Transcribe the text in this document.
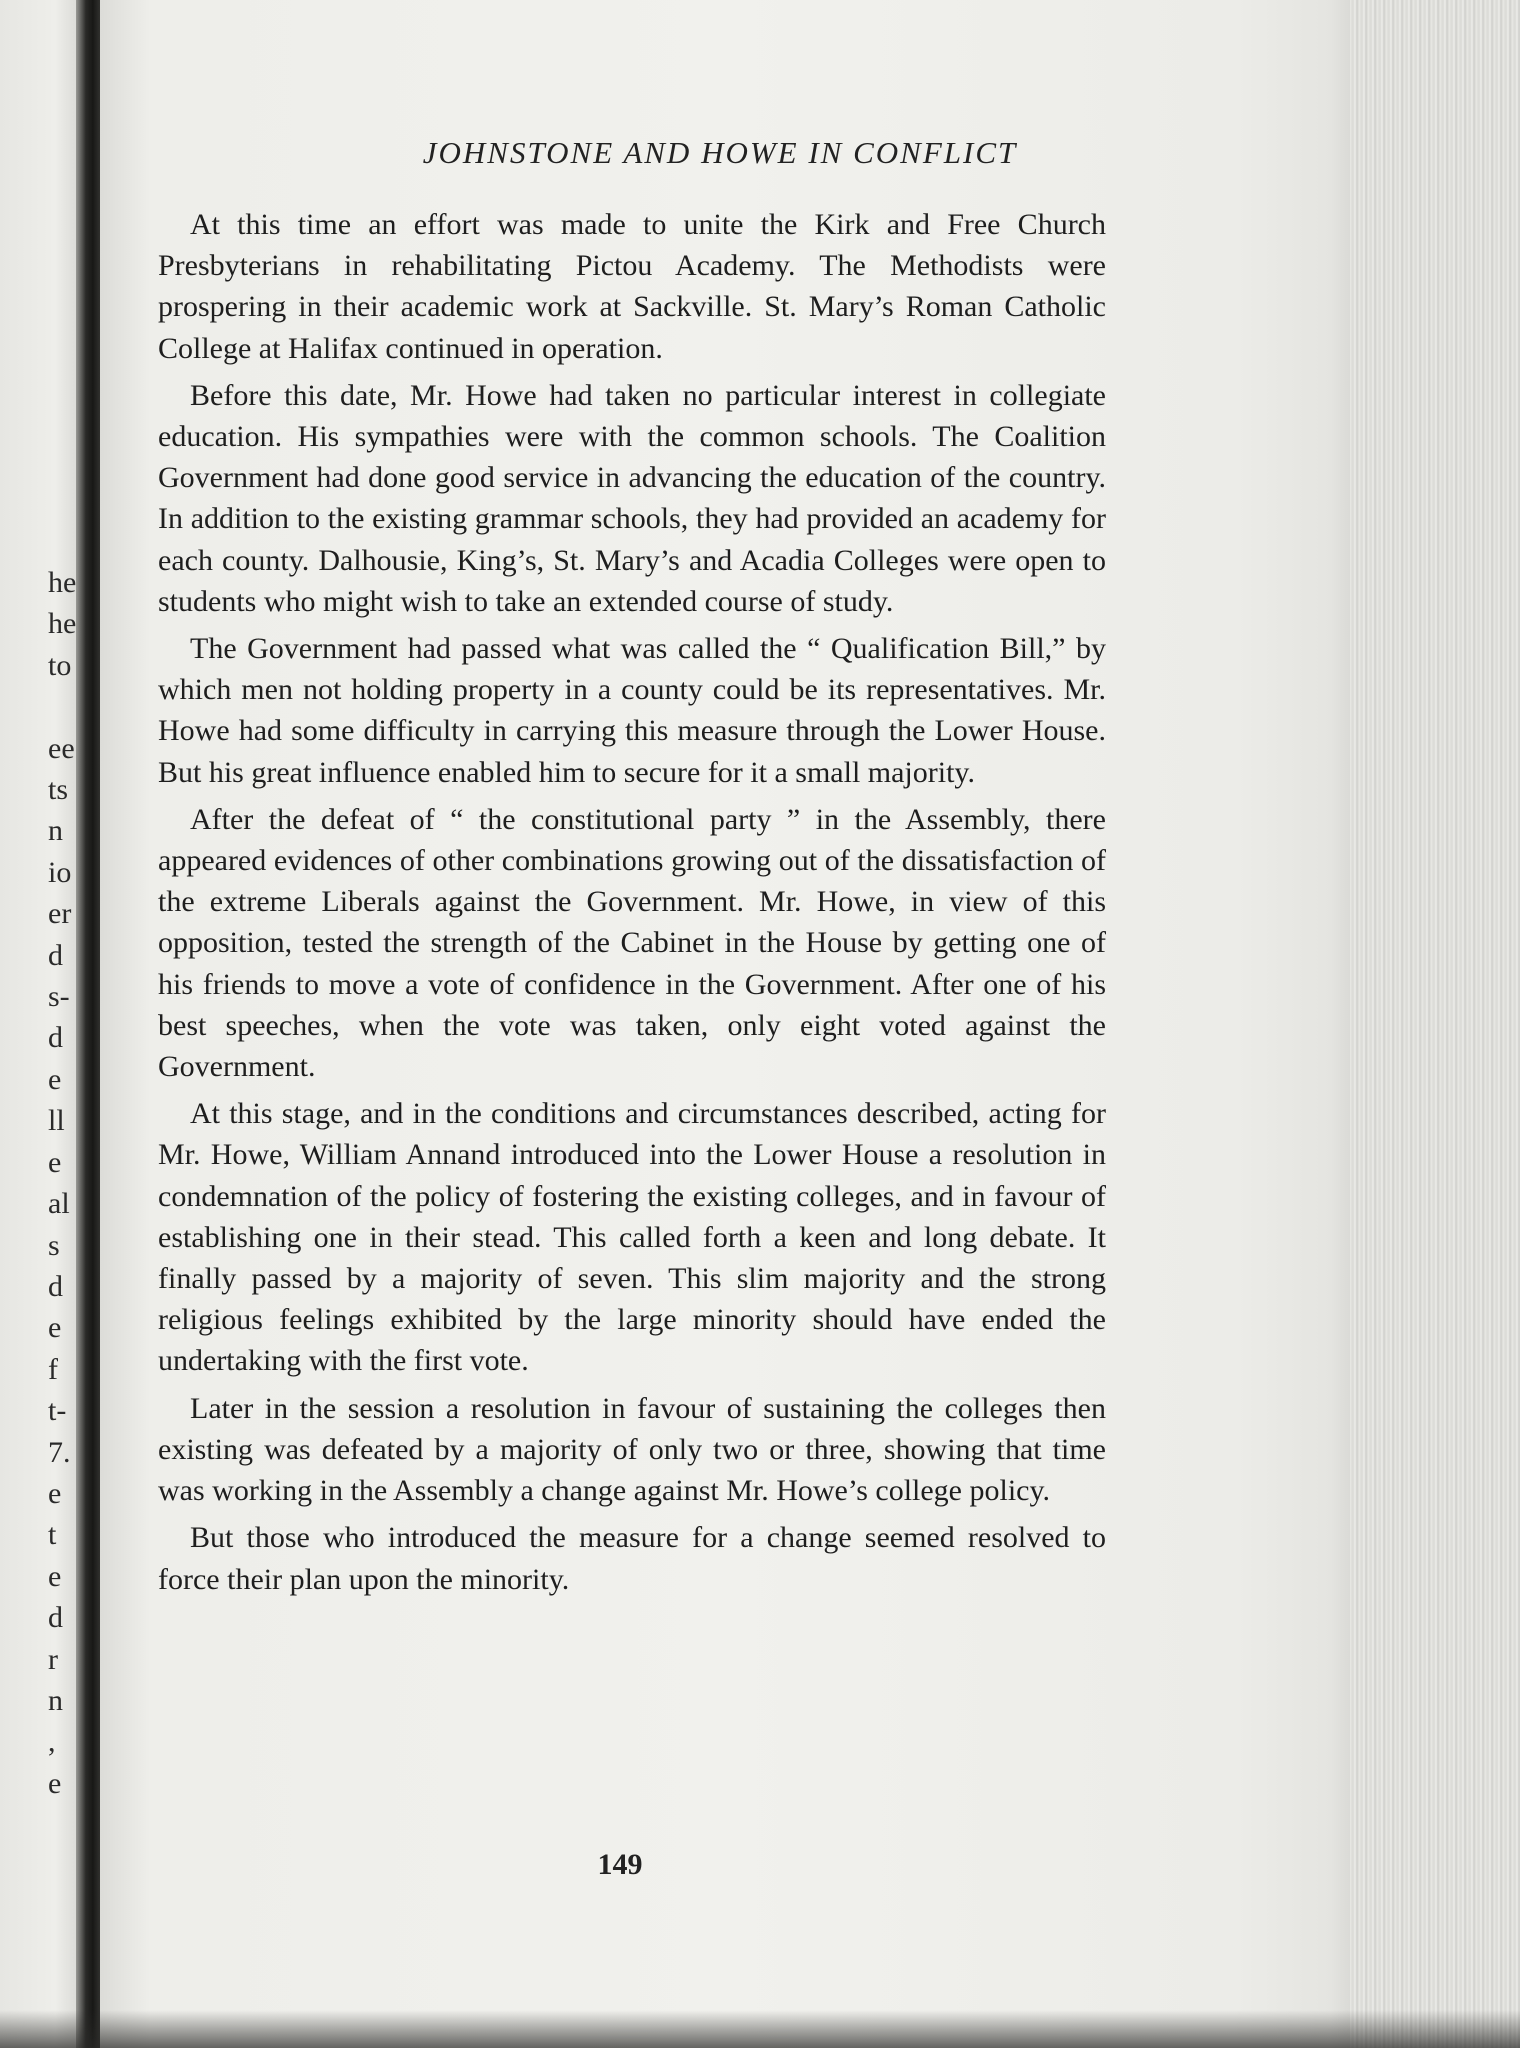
he
he
to

ee
ts
n
io
er
d
s-
d
e
ll
e
al
s
d
e
f
t-
7.
e
t
e
d
r
n
,
e
JOHNSTONE AND HOWE IN CONFLICT

At this time an effort was made to unite the Kirk and Free Church Presbyterians in rehabilitating Pictou Academy. The Methodists were prospering in their academic work at Sackville. St. Mary’s Roman Catholic College at Halifax continued in operation.

Before this date, Mr. Howe had taken no particular interest in collegiate education. His sympathies were with the common schools. The Coalition Government had done good service in advancing the education of the country. In addition to the existing grammar schools, they had provided an academy for each county. Dalhousie, King’s, St. Mary’s and Acadia Colleges were open to students who might wish to take an extended course of study.

The Government had passed what was called the “ Qualification Bill,” by which men not holding property in a county could be its representatives. Mr. Howe had some difficulty in carrying this measure through the Lower House. But his great influence enabled him to secure for it a small majority.

After the defeat of “ the constitutional party ” in the Assembly, there appeared evidences of other combinations growing out of the dissatisfaction of the extreme Liberals against the Government. Mr. Howe, in view of this opposition, tested the strength of the Cabinet in the House by getting one of his friends to move a vote of confidence in the Government. After one of his best speeches, when the vote was taken, only eight voted against the Government.

At this stage, and in the conditions and circumstances described, acting for Mr. Howe, William Annand introduced into the Lower House a resolution in condemnation of the policy of fostering the existing colleges, and in favour of establishing one in their stead. This called forth a keen and long debate. It finally passed by a majority of seven. This slim majority and the strong religious feelings exhibited by the large minority should have ended the undertaking with the first vote.

Later in the session a resolution in favour of sustaining the colleges then existing was defeated by a majority of only two or three, showing that time was working in the Assembly a change against Mr. Howe’s college policy.

But those who introduced the measure for a change seemed resolved to force their plan upon the minority.

149
